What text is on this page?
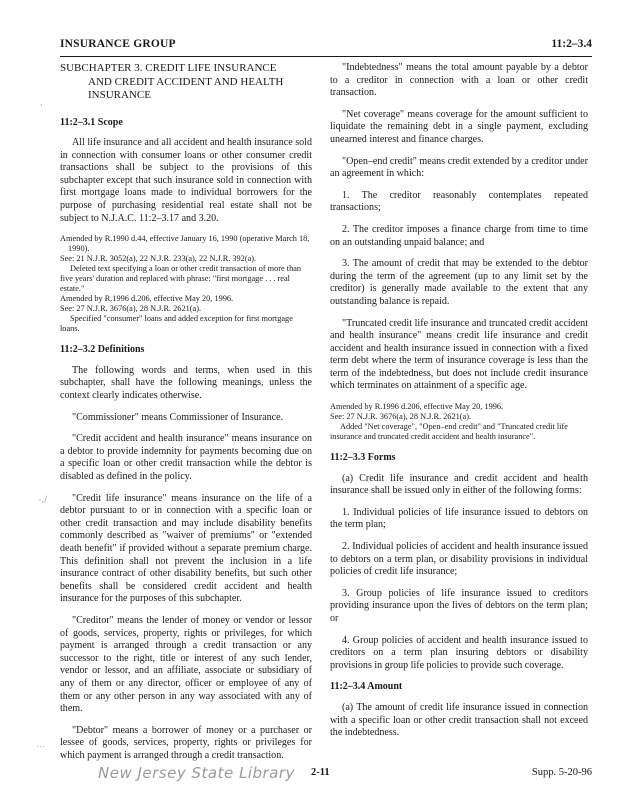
INSURANCE GROUP	11:2–3.4

SUBCHAPTER 3. CREDIT LIFE INSURANCE
AND CREDIT ACCIDENT AND HEALTH
INSURANCE

11:2–3.1 Scope

All life insurance and all accident and health insurance sold in connection with consumer loans or other consumer credit transactions shall be subject to the provisions of this subchapter except that such insurance sold in connection with first mortgage loans made to individual borrowers for the purpose of purchasing residential real estate shall not be subject to N.J.A.C. 11:2–3.17 and 3.20.

Amended by R.1990 d.44, effective January 16, 1990 (operative March 18, 1990).

See: 21 N.J.R. 3052(a), 22 N.J.R. 233(a), 22 N.J.R. 392(a).

Deleted text specifying a loan or other credit transaction of more than five years' duration and replaced with phrase: "first mortgage . . . real estate."

Amended by R.1996 d.206, effective May 20, 1996.

See: 27 N.J.R. 3676(a), 28 N.J.R. 2621(a).

Specified "consumer" loans and added exception for first mortgage loans.

11:2–3.2 Definitions

The following words and terms, when used in this subchapter, shall have the following meanings, unless the context clearly indicates otherwise.

"Commissioner" means Commissioner of Insurance.

"Credit accident and health insurance" means insurance on a debtor to provide indemnity for payments becoming due on a specific loan or other credit transaction while the debtor is disabled as defined in the policy.

"Credit life insurance" means insurance on the life of a debtor pursuant to or in connection with a specific loan or other credit transaction and may include disability benefits commonly described as "waiver of premiums" or "extended death benefit" if provided without a separate premium charge. This definition shall not prevent the inclusion in a life insurance contract of other disability benefits, but such other benefits shall be considered credit accident and health insurance for the purposes of this subchapter.

"Creditor" means the lender of money or vendor or lessor of goods, services, property, rights or privileges, for which payment is arranged through a credit transaction or any successor to the right, title or interest of any such lender, vendor or lessor, and an affiliate, associate or subsidiary of any of them or any director, officer or employee of any of them or any other person in any way associated with any of them.

"Debtor" means a borrower of money or a purchaser or lessee of goods, services, property, rights or privileges for which payment is arranged through a credit transaction.

"Indebtedness" means the total amount payable by a debtor to a creditor in connection with a loan or other credit transaction.

"Net coverage" means coverage for the amount sufficient to liquidate the remaining debt in a single payment, excluding unearned interest and finance charges.

"Open–end credit" means credit extended by a creditor under an agreement in which:

1. The creditor reasonably contemplates repeated transactions;

2. The creditor imposes a finance charge from time to time on an outstanding unpaid balance; and

3. The amount of credit that may be extended to the debtor during the term of the agreement (up to any limit set by the creditor) is generally made available to the extent that any outstanding balance is repaid.

"Truncated credit life insurance and truncated credit accident and health insurance" means credit life insurance and credit accident and health insurance issued in connection with a fixed term debt where the term of insurance coverage is less than the term of the indebtedness, but does not include credit insurance which terminates on attainment of a specific age.

Amended by R.1996 d.206, effective May 20, 1996.

See: 27 N.J.R. 3676(a), 28 N.J.R. 2621(a).

Added "Net coverage", "Open–end credit" and "Truncated credit life insurance and truncated credit accident and health insurance".

11:2–3.3 Forms

(a) Credit life insurance and credit accident and health insurance shall be issued only in either of the following forms:

1. Individual policies of life insurance issued to debtors on the term plan;

2. Individual policies of accident and health insurance issued to debtors on a term plan, or disability provisions in individual policies of credit life insurance;

3. Group policies of life insurance issued to creditors providing insurance upon the lives of debtors on the term plan; or

4. Group policies of accident and health insurance issued to creditors on a term plan insuring debtors or disability provisions in group life policies to provide such coverage.

11:2–3.4 Amount

(a) The amount of credit life insurance issued in connection with a specific loan or other credit transaction shall not exceed the indebtedness.

,
-,/
…
New Jersey State Library 2-11	Supp. 5-20-96
